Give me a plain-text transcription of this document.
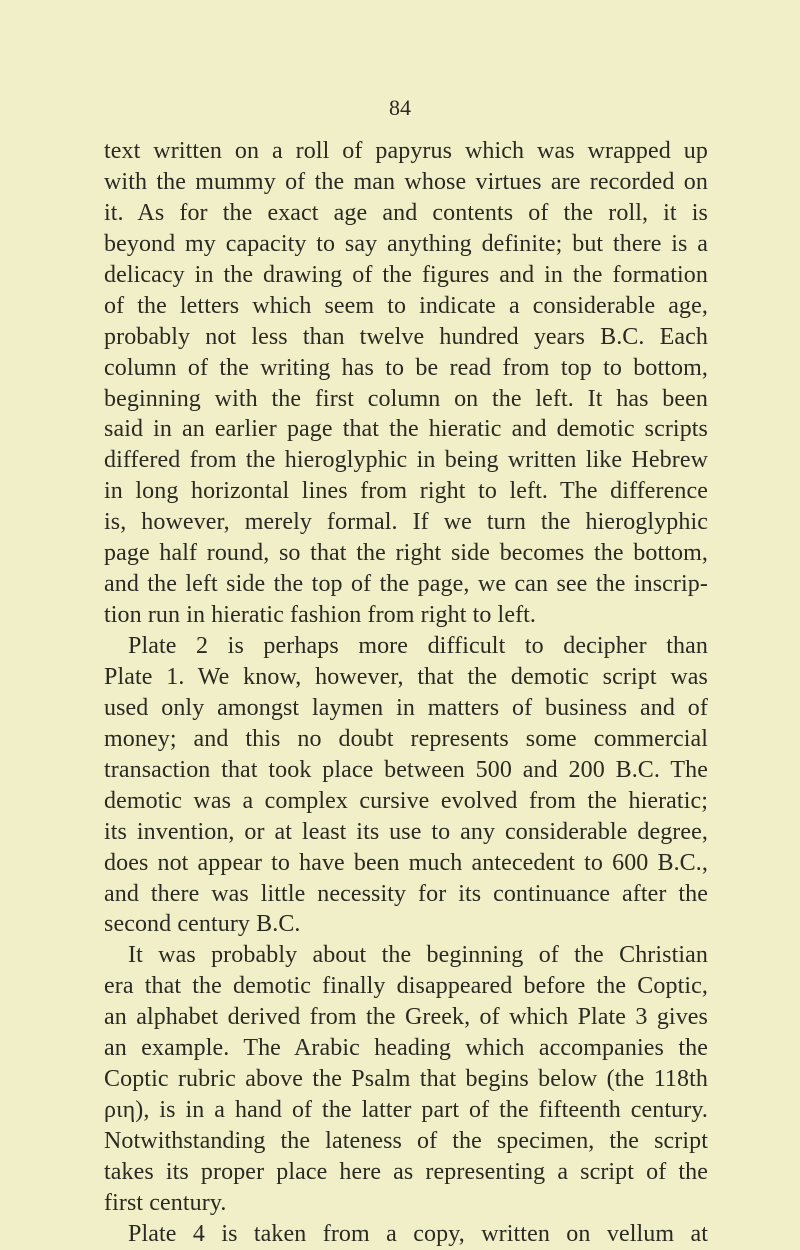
84
text written on a roll of papyrus which was wrapped up
with the mummy of the man whose virtues are recorded on
it. As for the exact age and contents of the roll, it is
beyond my capacity to say anything definite; but there is a
delicacy in the drawing of the figures and in the formation
of the letters which seem to indicate a considerable age,
probably not less than twelve hundred years B.C. Each
column of the writing has to be read from top to bottom,
beginning with the first column on the left. It has been
said in an earlier page that the hieratic and demotic scripts
differed from the hieroglyphic in being written like Hebrew
in long horizontal lines from right to left. The difference
is, however, merely formal. If we turn the hieroglyphic
page half round, so that the right side becomes the bottom,
and the left side the top of the page, we can see the inscrip-
tion run in hieratic fashion from right to left.
Plate 2 is perhaps more difficult to decipher than
Plate 1. We know, however, that the demotic script was
used only amongst laymen in matters of business and of
money; and this no doubt represents some commercial
transaction that took place between 500 and 200 B.C. The
demotic was a complex cursive evolved from the hieratic;
its invention, or at least its use to any considerable degree,
does not appear to have been much antecedent to 600 B.C.,
and there was little necessity for its continuance after the
second century B.C.
It was probably about the beginning of the Christian
era that the demotic finally disappeared before the Coptic,
an alphabet derived from the Greek, of which Plate 3 gives
an example. The Arabic heading which accompanies the
Coptic rubric above the Psalm that begins below (the 118th
ριη), is in a hand of the latter part of the fifteenth century.
Notwithstanding the lateness of the specimen, the script
takes its proper place here as representing a script of the
first century.
Plate 4 is taken from a copy, written on vellum at
